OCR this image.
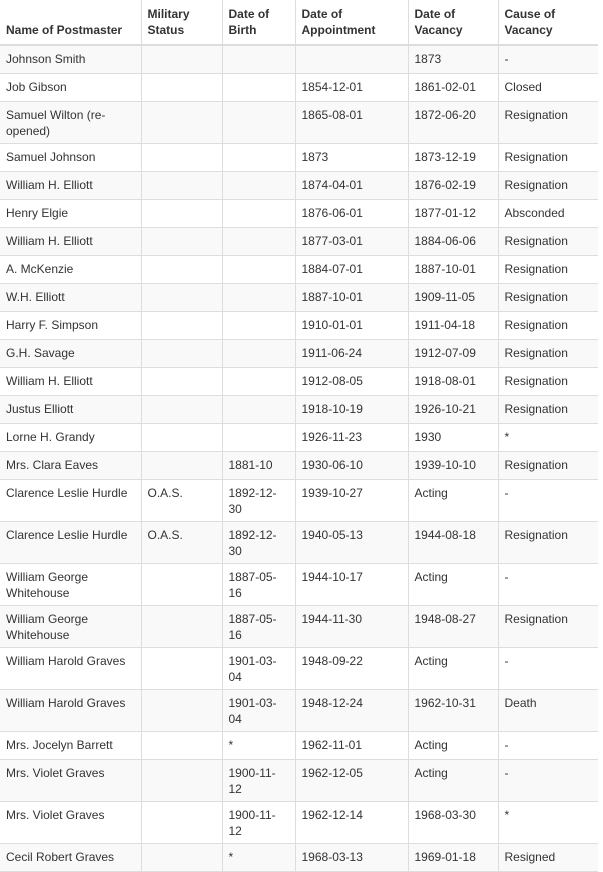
Name of Postmaster	Military Status	Date of Birth	Date of Appointment	Date of Vacancy	Cause of Vacancy
Johnson Smith				1873	-
Job Gibson			1854-12-01	1861-02-01	Closed
Samuel Wilton (re-opened)			1865-08-01	1872-06-20	Resignation
Samuel Johnson			1873	1873-12-19	Resignation
William H. Elliott			1874-04-01	1876-02-19	Resignation
Henry Elgie			1876-06-01	1877-01-12	Absconded
William H. Elliott			1877-03-01	1884-06-06	Resignation
A. McKenzie			1884-07-01	1887-10-01	Resignation
W.H. Elliott			1887-10-01	1909-11-05	Resignation
Harry F. Simpson			1910-01-01	1911-04-18	Resignation
G.H. Savage			1911-06-24	1912-07-09	Resignation
William H. Elliott			1912-08-05	1918-08-01	Resignation
Justus Elliott			1918-10-19	1926-10-21	Resignation
Lorne H. Grandy			1926-11-23	1930	*
Mrs. Clara Eaves		1881-10	1930-06-10	1939-10-10	Resignation
Clarence Leslie Hurdle	O.A.S.	1892-12-30	1939-10-27	Acting	-
Clarence Leslie Hurdle	O.A.S.	1892-12-30	1940-05-13	1944-08-18	Resignation
William George Whitehouse		1887-05-16	1944-10-17	Acting	-
William George Whitehouse		1887-05-16	1944-11-30	1948-08-27	Resignation
William Harold Graves		1901-03-04	1948-09-22	Acting	-
William Harold Graves		1901-03-04	1948-12-24	1962-10-31	Death
Mrs. Jocelyn Barrett		*	1962-11-01	Acting	-
Mrs. Violet Graves		1900-11-12	1962-12-05	Acting	-
Mrs. Violet Graves		1900-11-12	1962-12-14	1968-03-30	*
Cecil Robert Graves		*	1968-03-13	1969-01-18	Resigned
